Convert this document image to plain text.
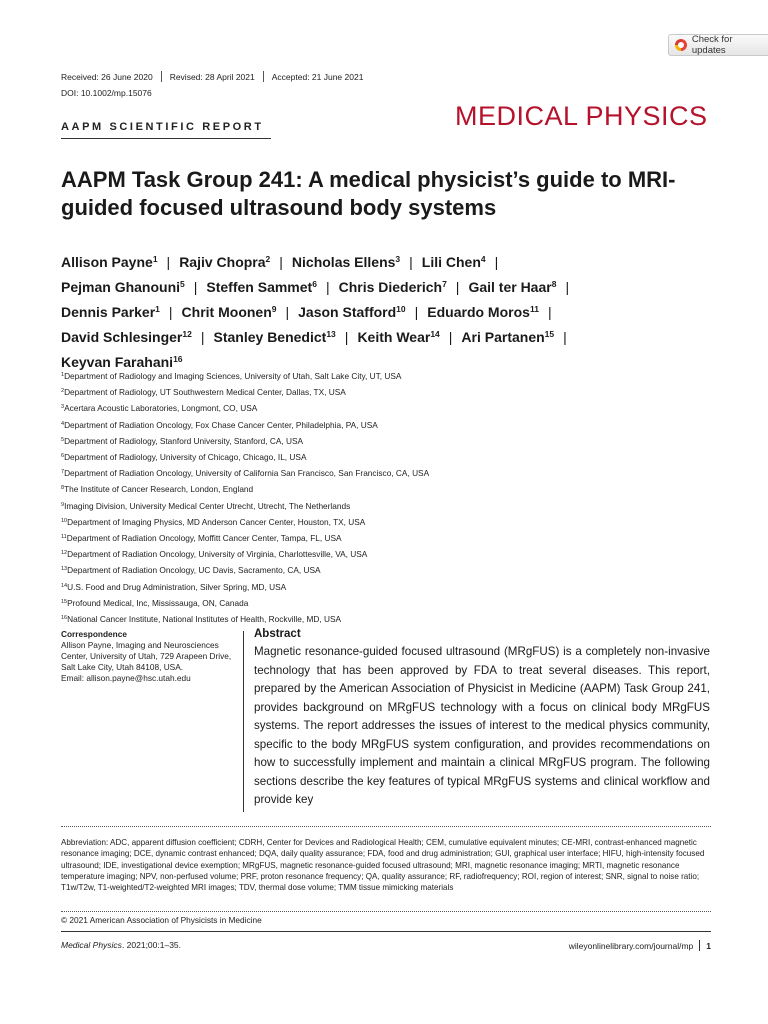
Check for updates
Received: 26 June 2020 Revised: 28 April 2021 Accepted: 21 June 2021
DOI: 10.1002/mp.15076
AAPM SCIENTIFIC REPORT	MEDICAL PHYSICS
AAPM Task Group 241: A medical physicist’s guide to MRI-guided focused ultrasound body systems
Allison Payne$^1$ | Rajiv Chopra$^2$ | Nicholas Ellens$^3$ | Lili Chen$^4$ |
Pejman Ghanouni$^5$ | Steffen Sammet$^6$ | Chris Diederich$^7$ | Gail ter Haar$^8$ |
Dennis Parker$^1$ | Chrit Moonen$^9$ | Jason Stafford$^{10}$ | Eduardo Moros$^{11}$ |
David Schlesinger$^{12}$ | Stanley Benedict$^{13}$ | Keith Wear$^{14}$ | Ari Partanen$^{15}$ |
Keyvan Farahani$^{16}$
$^1$Department of Radiology and Imaging Sciences, University of Utah, Salt Lake City, UT, USA
$^2$Department of Radiology, UT Southwestern Medical Center, Dallas, TX, USA
$^3$Acertara Acoustic Laboratories, Longmont, CO, USA
$^4$Department of Radiation Oncology, Fox Chase Cancer Center, Philadelphia, PA, USA
$^5$Department of Radiology, Stanford University, Stanford, CA, USA
$^6$Department of Radiology, University of Chicago, Chicago, IL, USA
$^7$Department of Radiation Oncology, University of California San Francisco, San Francisco, CA, USA
$^8$The Institute of Cancer Research, London, England
$^9$Imaging Division, University Medical Center Utrecht, Utrecht, The Netherlands
$^{10}$Department of Imaging Physics, MD Anderson Cancer Center, Houston, TX, USA
$^{11}$Department of Radiation Oncology, Moffitt Cancer Center, Tampa, FL, USA
$^{12}$Department of Radiation Oncology, University of Virginia, Charlottesville, VA, USA
$^{13}$Department of Radiation Oncology, UC Davis, Sacramento, CA, USA
$^{14}$U.S. Food and Drug Administration, Silver Spring, MD, USA
$^{15}$Profound Medical, Inc, Mississauga, ON, Canada
$^{16}$National Cancer Institute, National Institutes of Health, Rockville, MD, USA
Correspondence
Allison Payne, Imaging and Neurosciences Center, University of Utah, 729 Arapeen Drive, Salt Lake City, Utah 84108, USA.
Email: allison.payne@hsc.utah.edu
Abstract

Magnetic resonance-guided focused ultrasound (MRgFUS) is a completely non-invasive technology that has been approved by FDA to treat several diseases. This report, prepared by the American Association of Physicist in Medicine (AAPM) Task Group 241, provides background on MRgFUS technology with a focus on clinical body MRgFUS systems. The report addresses the issues of interest to the medical physics community, specific to the body MRgFUS system configuration, and provides recommendations on how to successfully implement and maintain a clinical MRgFUS program. The following sections describe the key features of typical MRgFUS systems and clinical workflow and provide key

Abbreviation: ADC, apparent diffusion coefficient; CDRH, Center for Devices and Radiological Health; CEM, cumulative equivalent minutes; CE-MRI, contrast-enhanced magnetic resonance imaging; DCE, dynamic contrast enhanced; DQA, daily quality assurance; FDA, food and drug administration; GUI, graphical user interface; HIFU, high-intensity focused ultrasound; IDE, investigational device exemption; MRgFUS, magnetic resonance-guided focused ultrasound; MRI, magnetic resonance imaging; MRTI, magnetic resonance temperature imaging; NPV, non-perfused volume; PRF, proton resonance frequency; QA, quality assurance; RF, radiofrequency; ROI, region of interest; SNR, signal to noise ratio; T1w/T2w, T1-weighted/T2-weighted MRI images; TDV, thermal dose volume; TMM tissue mimicking materials

© 2021 American Association of Physicists in Medicine
Medical Physics. 2021;00:1–35.	wileyonlinelibrary.com/journal/mp 1
